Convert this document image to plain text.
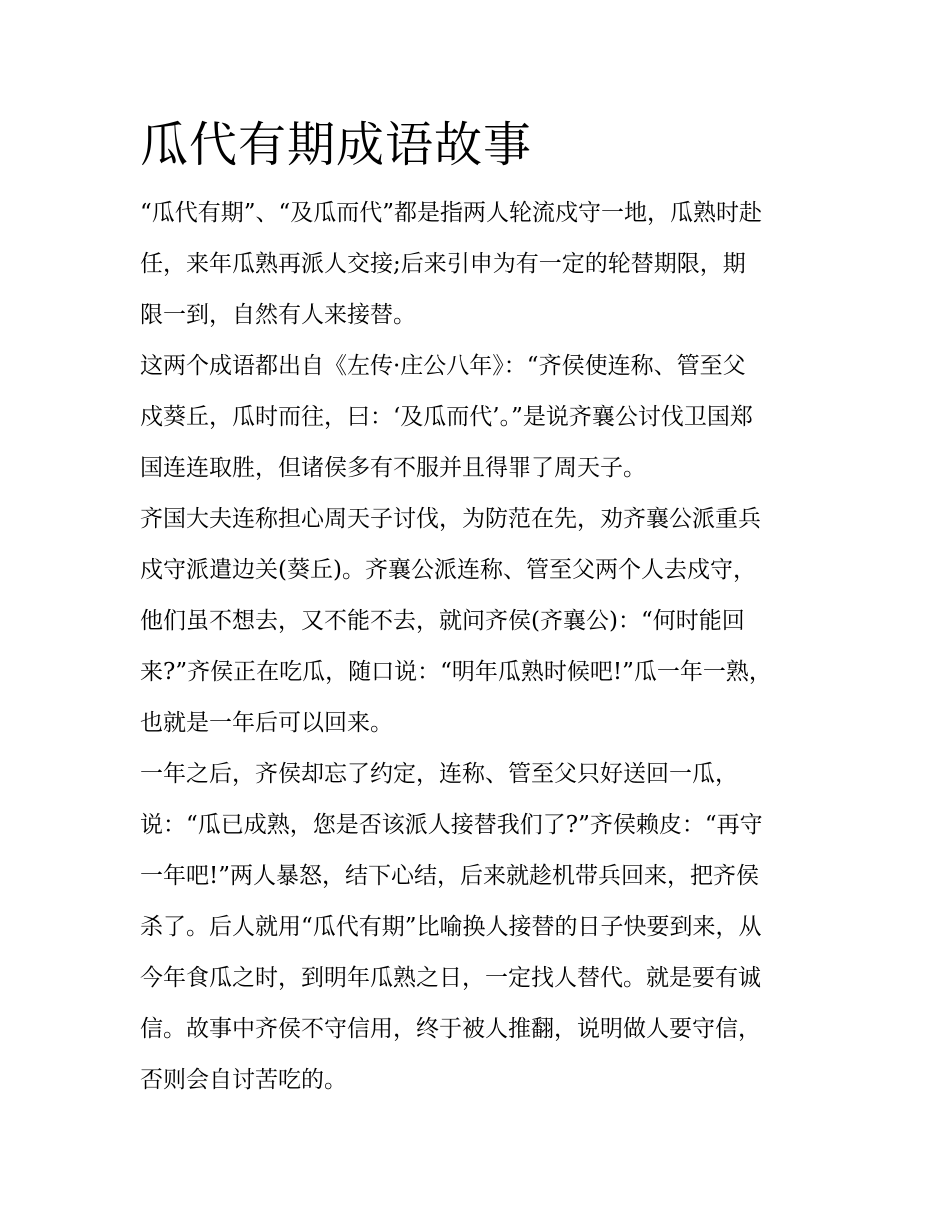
瓜代有期成语故事
“瓜代有期”、“及瓜而代”都是指两人轮流戍守一地，瓜熟时赴
任，来年瓜熟再派人交接;后来引申为有一定的轮替期限，期
限一到，自然有人来接替。
这两个成语都出自《左传·庄公八年》：“齐侯使连称、管至父
戍葵丘，瓜时而往，曰：‘及瓜而代’。”是说齐襄公讨伐卫国郑
国连连取胜，但诸侯多有不服并且得罪了周天子。
齐国大夫连称担心周天子讨伐，为防范在先，劝齐襄公派重兵
戍守派遣边关(葵丘)。齐襄公派连称、管至父两个人去戍守，
他们虽不想去，又不能不去，就问齐侯(齐襄公)：“何时能回
来?”齐侯正在吃瓜，随口说：“明年瓜熟时候吧!”瓜一年一熟，
也就是一年后可以回来。
一年之后，齐侯却忘了约定，连称、管至父只好送回一瓜，
说：“瓜已成熟，您是否该派人接替我们了?”齐侯赖皮：“再守
一年吧!”两人暴怒，结下心结，后来就趁机带兵回来，把齐侯
杀了。后人就用“瓜代有期”比喻换人接替的日子快要到来，从
今年食瓜之时，到明年瓜熟之日，一定找人替代。就是要有诚
信。故事中齐侯不守信用，终于被人推翻，说明做人要守信，
否则会自讨苦吃的。
